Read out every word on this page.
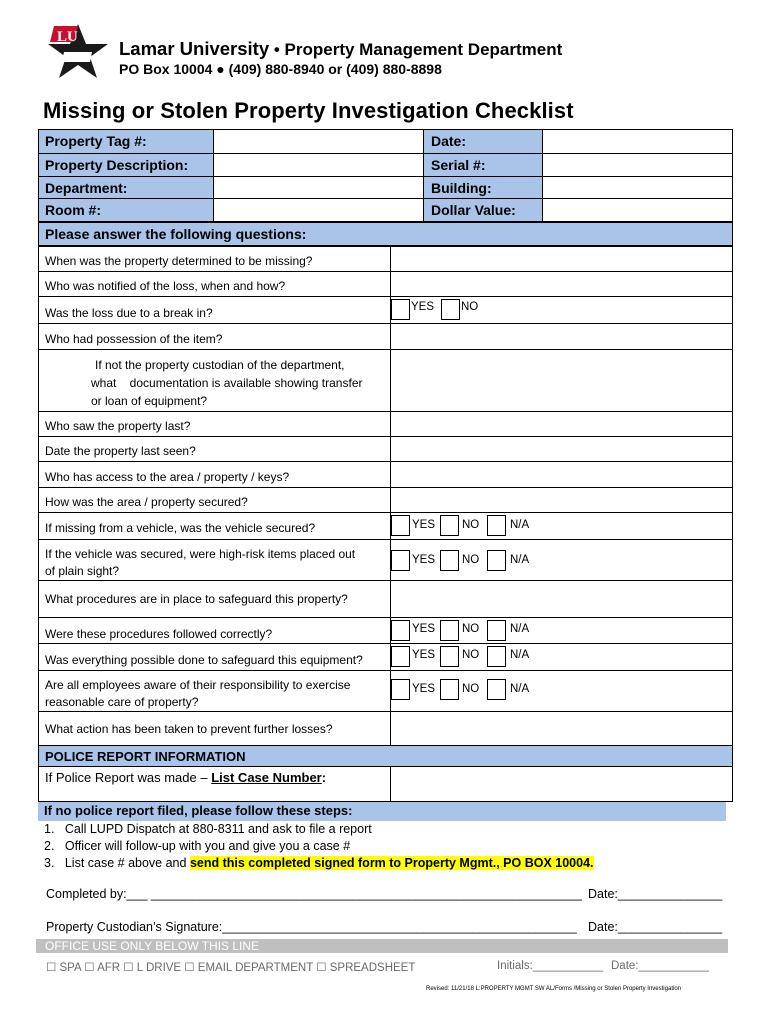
LU
Lamar University • Property Management Department
PO Box 10004 ● (409) 880-8940 or (409) 880-8898
Missing or Stolen Property Investigation Checklist
Property Tag #:	Date:
Property Description:	Serial #:
Department:	Building:
Room #:	Dollar Value:
Please answer the following questions:
When was the property determined to be missing?
Who was notified of the loss, when and how?
Was the loss due to a break in?	YES NO
Who had possession of the item?
If not the property custodian of the department,
what    documentation is available showing transfer
or loan of equipment?
Who saw the property last?
Date the property last seen?
Who has access to the area / property / keys?
How was the area / property secured?
If missing from a vehicle, was the vehicle secured?	YES NO	N/A
If the vehicle was secured, were high-risk items placed out
of plain sight?
YES NO	N/A
What procedures are in place to safeguard this property?
Were these procedures followed correctly?	YES NO	N/A
Was everything possible done to safeguard this equipment?	YES NO	N/A
Are all employees aware of their responsibility to exercise
reasonable care of property?
YES NO	N/A
What action has been taken to prevent further losses?
POLICE REPORT INFORMATION
If Police Report was made – List Case Number:
If no police report filed, please follow these steps:
1.   Call LUPD Dispatch at 880-8311 and ask to file a report
2.   Officer will follow-up with you and give you a case #
3.   List case # above and send this completed signed form to Property Mgmt., PO BOX 10004.
Completed by:___ ______________________________________________________________ Date:_______________
Property Custodian’s Signature:___________________________________________________ Date:_______________
OFFICE USE ONLY BELOW THIS LINE
☐ SPA ☐ AFR ☐ L DRIVE ☐ EMAIL DEPARTMENT ☐ SPREADSHEET	Initials:___________ Date:___________
Revised: 11/21/18 L:PROPERTY MGMT SW AL/Forms /Missing or Stolen Property Investigation
